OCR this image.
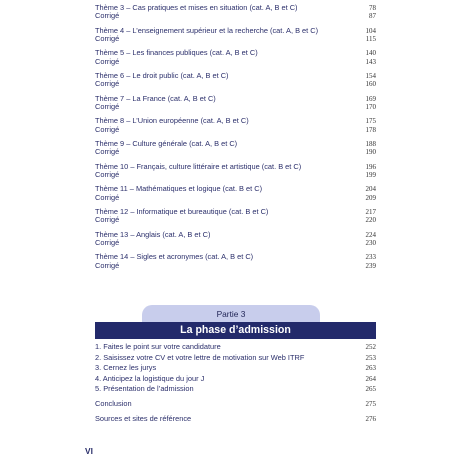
Thème 3 – Cas pratiques et mises en situation (cat. A, B et C)	78
Corrigé	87
Thème 4 – L’enseignement supérieur et la recherche (cat. A, B et C)	104
Corrigé	115
Thème 5 – Les finances publiques (cat. A, B et C)	140
Corrigé	143
Thème 6 – Le droit public (cat. A, B et C)	154
Corrigé	160
Thème 7 – La France (cat. A, B et C)	169
Corrigé	170
Thème 8 – L’Union européenne (cat. A, B et C)	175
Corrigé	178
Thème 9 – Culture générale (cat. A, B et C)	188
Corrigé	190
Thème 10 – Français, culture littéraire et artistique (cat. B et C)	196
Corrigé	199
Thème 11 – Mathématiques et logique (cat. B et C)	204
Corrigé	209
Thème 12 – Informatique et bureautique (cat. B et C)	217
Corrigé	220
Thème 13 – Anglais (cat. A, B et C)	224
Corrigé	230
Thème 14 – Sigles et acronymes (cat. A, B et C)	233
Corrigé	239
Partie 3
La phase d’admission
1. Faites le point sur votre candidature	252
2. Saisissez votre CV et votre lettre de motivation sur Web ITRF	253
3. Cernez les jurys	263
4. Anticipez la logistique du jour J	264
5. Présentation de l’admission	265
Conclusion	275
Sources et sites de référence	276
VI
